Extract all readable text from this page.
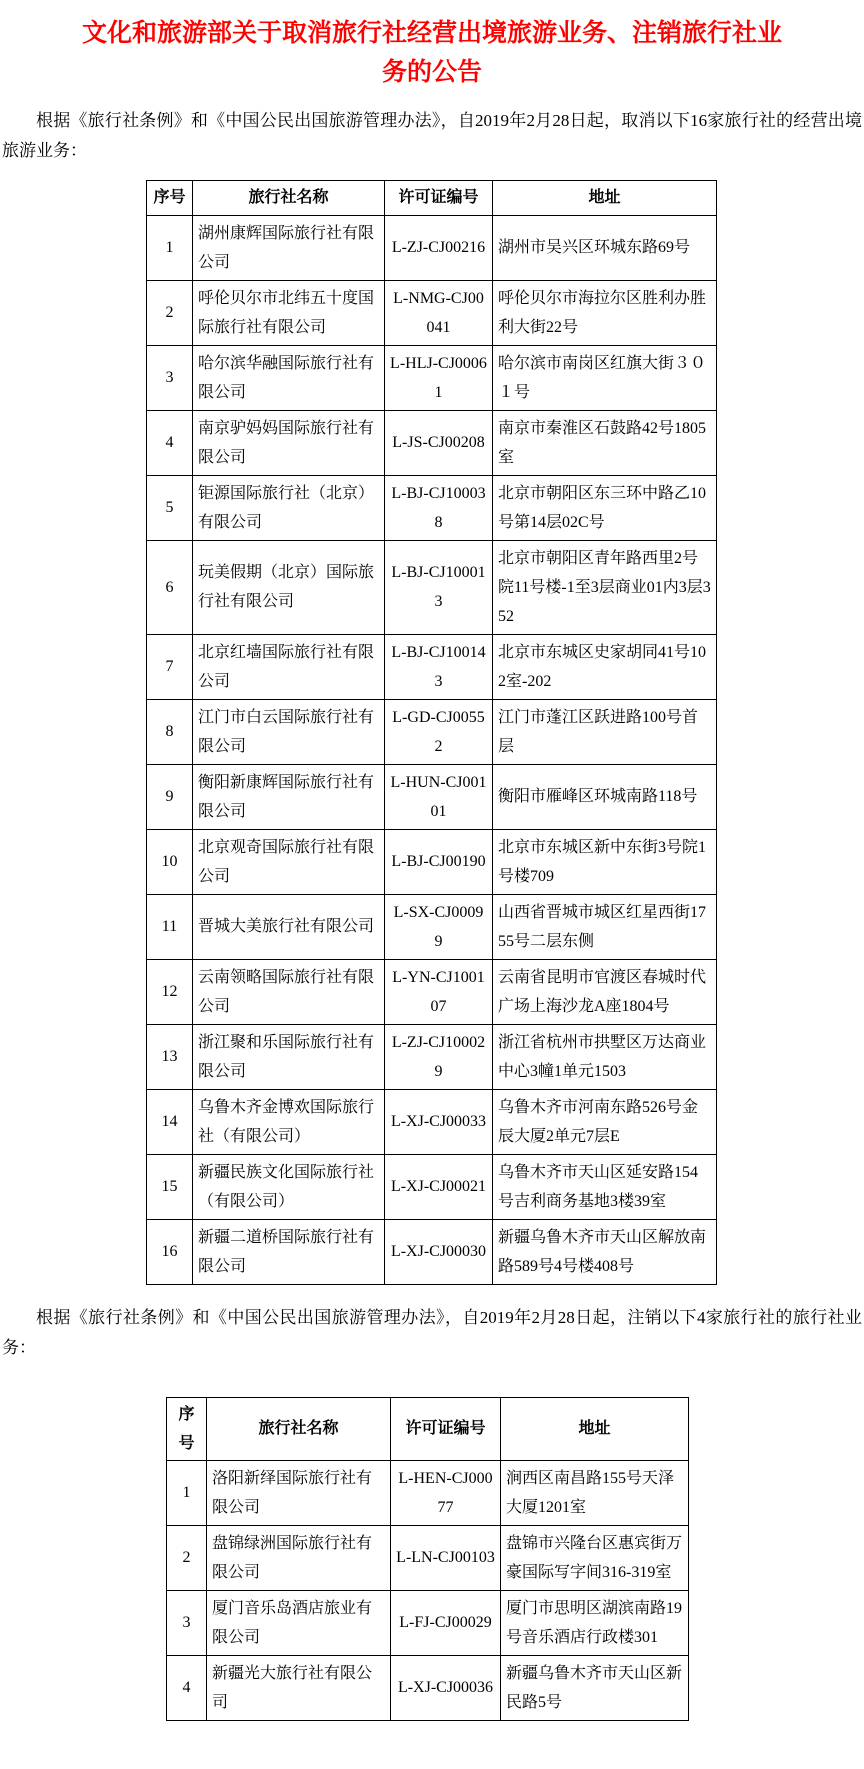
文化和旅游部关于取消旅行社经营出境旅游业务、注销旅行社业务的公告

根据《旅行社条例》和《中国公民出国旅游管理办法》，自2019年2月28日起，取消以下16家旅行社的经营出境旅游业务：

序号	旅行社名称	许可证编号	地址
1	湖州康辉国际旅行社有限公司	L-ZJ-CJ00216	湖州市吴兴区环城东路69号
2	呼伦贝尔市北纬五十度国际旅行社有限公司	L-NMG-CJ00041	呼伦贝尔市海拉尔区胜利办胜利大街22号
3	哈尔滨华融国际旅行社有限公司	L-HLJ-CJ00061	哈尔滨市南岗区红旗大街３０１号
4	南京驴妈妈国际旅行社有限公司	L-JS-CJ00208	南京市秦淮区石鼓路42号1805室
5	钜源国际旅行社（北京）有限公司	L-BJ-CJ100038	北京市朝阳区东三环中路乙10号第14层02C号
6	玩美假期（北京）国际旅行社有限公司	L-BJ-CJ100013	北京市朝阳区青年路西里2号院11号楼-1至3层商业01内3层352
7	北京红墙国际旅行社有限公司	L-BJ-CJ100143	北京市东城区史家胡同41号102室-202
8	江门市白云国际旅行社有限公司	L-GD-CJ00552	江门市蓬江区跃进路100号首层
9	衡阳新康辉国际旅行社有限公司	L-HUN-CJ00101	衡阳市雁峰区环城南路118号
10	北京观奇国际旅行社有限公司	L-BJ-CJ00190	北京市东城区新中东街3号院1号楼709
11	晋城大美旅行社有限公司	L-SX-CJ00099	山西省晋城市城区红星西街1755号二层东侧
12	云南领略国际旅行社有限公司	L-YN-CJ100107	云南省昆明市官渡区春城时代广场上海沙龙A座1804号
13	浙江聚和乐国际旅行社有限公司	L-ZJ-CJ100029	浙江省杭州市拱墅区万达商业中心3幢1单元1503
14	乌鲁木齐金博欢国际旅行社（有限公司）	L-XJ-CJ00033	乌鲁木齐市河南东路526号金辰大厦2单元7层E
15	新疆民族文化国际旅行社（有限公司）	L-XJ-CJ00021	乌鲁木齐市天山区延安路154号吉利商务基地3楼39室
16	新疆二道桥国际旅行社有限公司	L-XJ-CJ00030	新疆乌鲁木齐市天山区解放南路589号4号楼408号

根据《旅行社条例》和《中国公民出国旅游管理办法》，自2019年2月28日起，注销以下4家旅行社的旅行社业务：

序号	旅行社名称	许可证编号	地址
1	洛阳新绎国际旅行社有限公司	L-HEN-CJ00077	涧西区南昌路155号天泽大厦1201室
2	盘锦绿洲国际旅行社有限公司	L-LN-CJ00103	盘锦市兴隆台区惠宾街万豪国际写字间316-319室
3	厦门音乐岛酒店旅业有限公司	L-FJ-CJ00029	厦门市思明区湖滨南路19号音乐酒店行政楼301
4	新疆光大旅行社有限公司	L-XJ-CJ00036	新疆乌鲁木齐市天山区新民路5号
